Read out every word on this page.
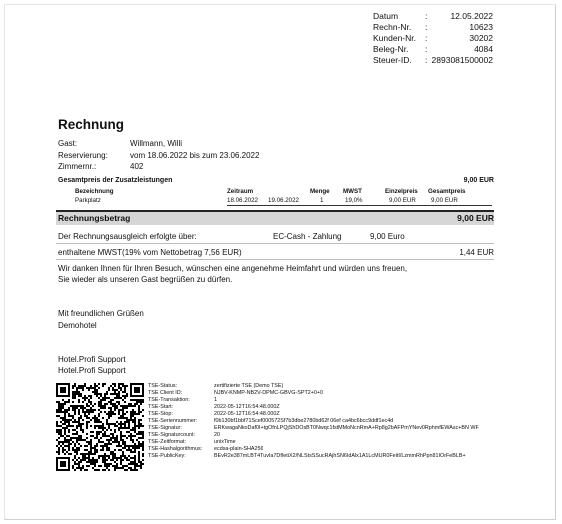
Datum	:	12.05.2022
Rechn-Nr. :	10623
Kunden-Nr. :	30202
Beleg-Nr. :	4084
Steuer-ID. : 2893081500002
Rechnung
Gast:	Willmann, Willi
Reservierung:	vom 18.06.2022 bis zum 23.06.2022
Zimmernr.:	402
Gesamtpreis der Zusatzleistungen	9,00 EUR
Bezeichnung	Zeitraum	Menge MWST	Einzelpreis Gesamtpreis
Parkplatz	18.06.2022 19.06.2022	1	19,0%	9,00 EUR 9,00 EUR
Rechnungsbetrag	9,00 EUR
Der Rechnungsausgleich erfolgte über:	EC-Cash - Zahlung	9,00 Euro
enthaltene MWST(19% vom Nettobetrag 7,56 EUR)	1,44 EUR
Wir danken Ihnen für Ihren Besuch, wünschen eine angenehme Heimfahrt und würden uns freuen,
Sie wieder als unseren Gast begrüßen zu dürfen.
Mit freundlichen Grüßen
Demohotel
Hotel.Profi Support
Hotel.Profi Support
TSE-Status:	zertifizierte TSE (Demo TSE)
TSE Client ID:	NJBV-KNMP-NB2V-DPMC-GBVG-SPT2+0+0
TSE-Transaktion:	1
TSE-Start:	2022-05-12T16:54:48.000Z
TSE-Stop:	2022-05-12T16:54:48.000Z
TSE-Seriennummer:	f0b130bf1bbf71Scef000572Sf7b3dbe2780bd62f 06ef ca4bc6bcc9ddf1ec4d
TSE-Signatur:	ERKwagaNkoDaf0I+tgOfnLPQjShDOsBT0Nwqc1fstMMoNcnRmA+Rp8g2bAFPmYNev0RphmfEWAsc+BN WF
TSE-Signaturcount:	20
TSE-Zeitformat:	unixTime
TSE-Hashalgorithmus: ecdsa-plain-SHA256
TSE-PublicKey:	BEvR2e387mLBT4TuvIa7DfIetiX2/NLStsSSucRAjhSN6IdAlx1A1LcMUR0FeitI/LzmmRhPpn81IOrFeBLB+
